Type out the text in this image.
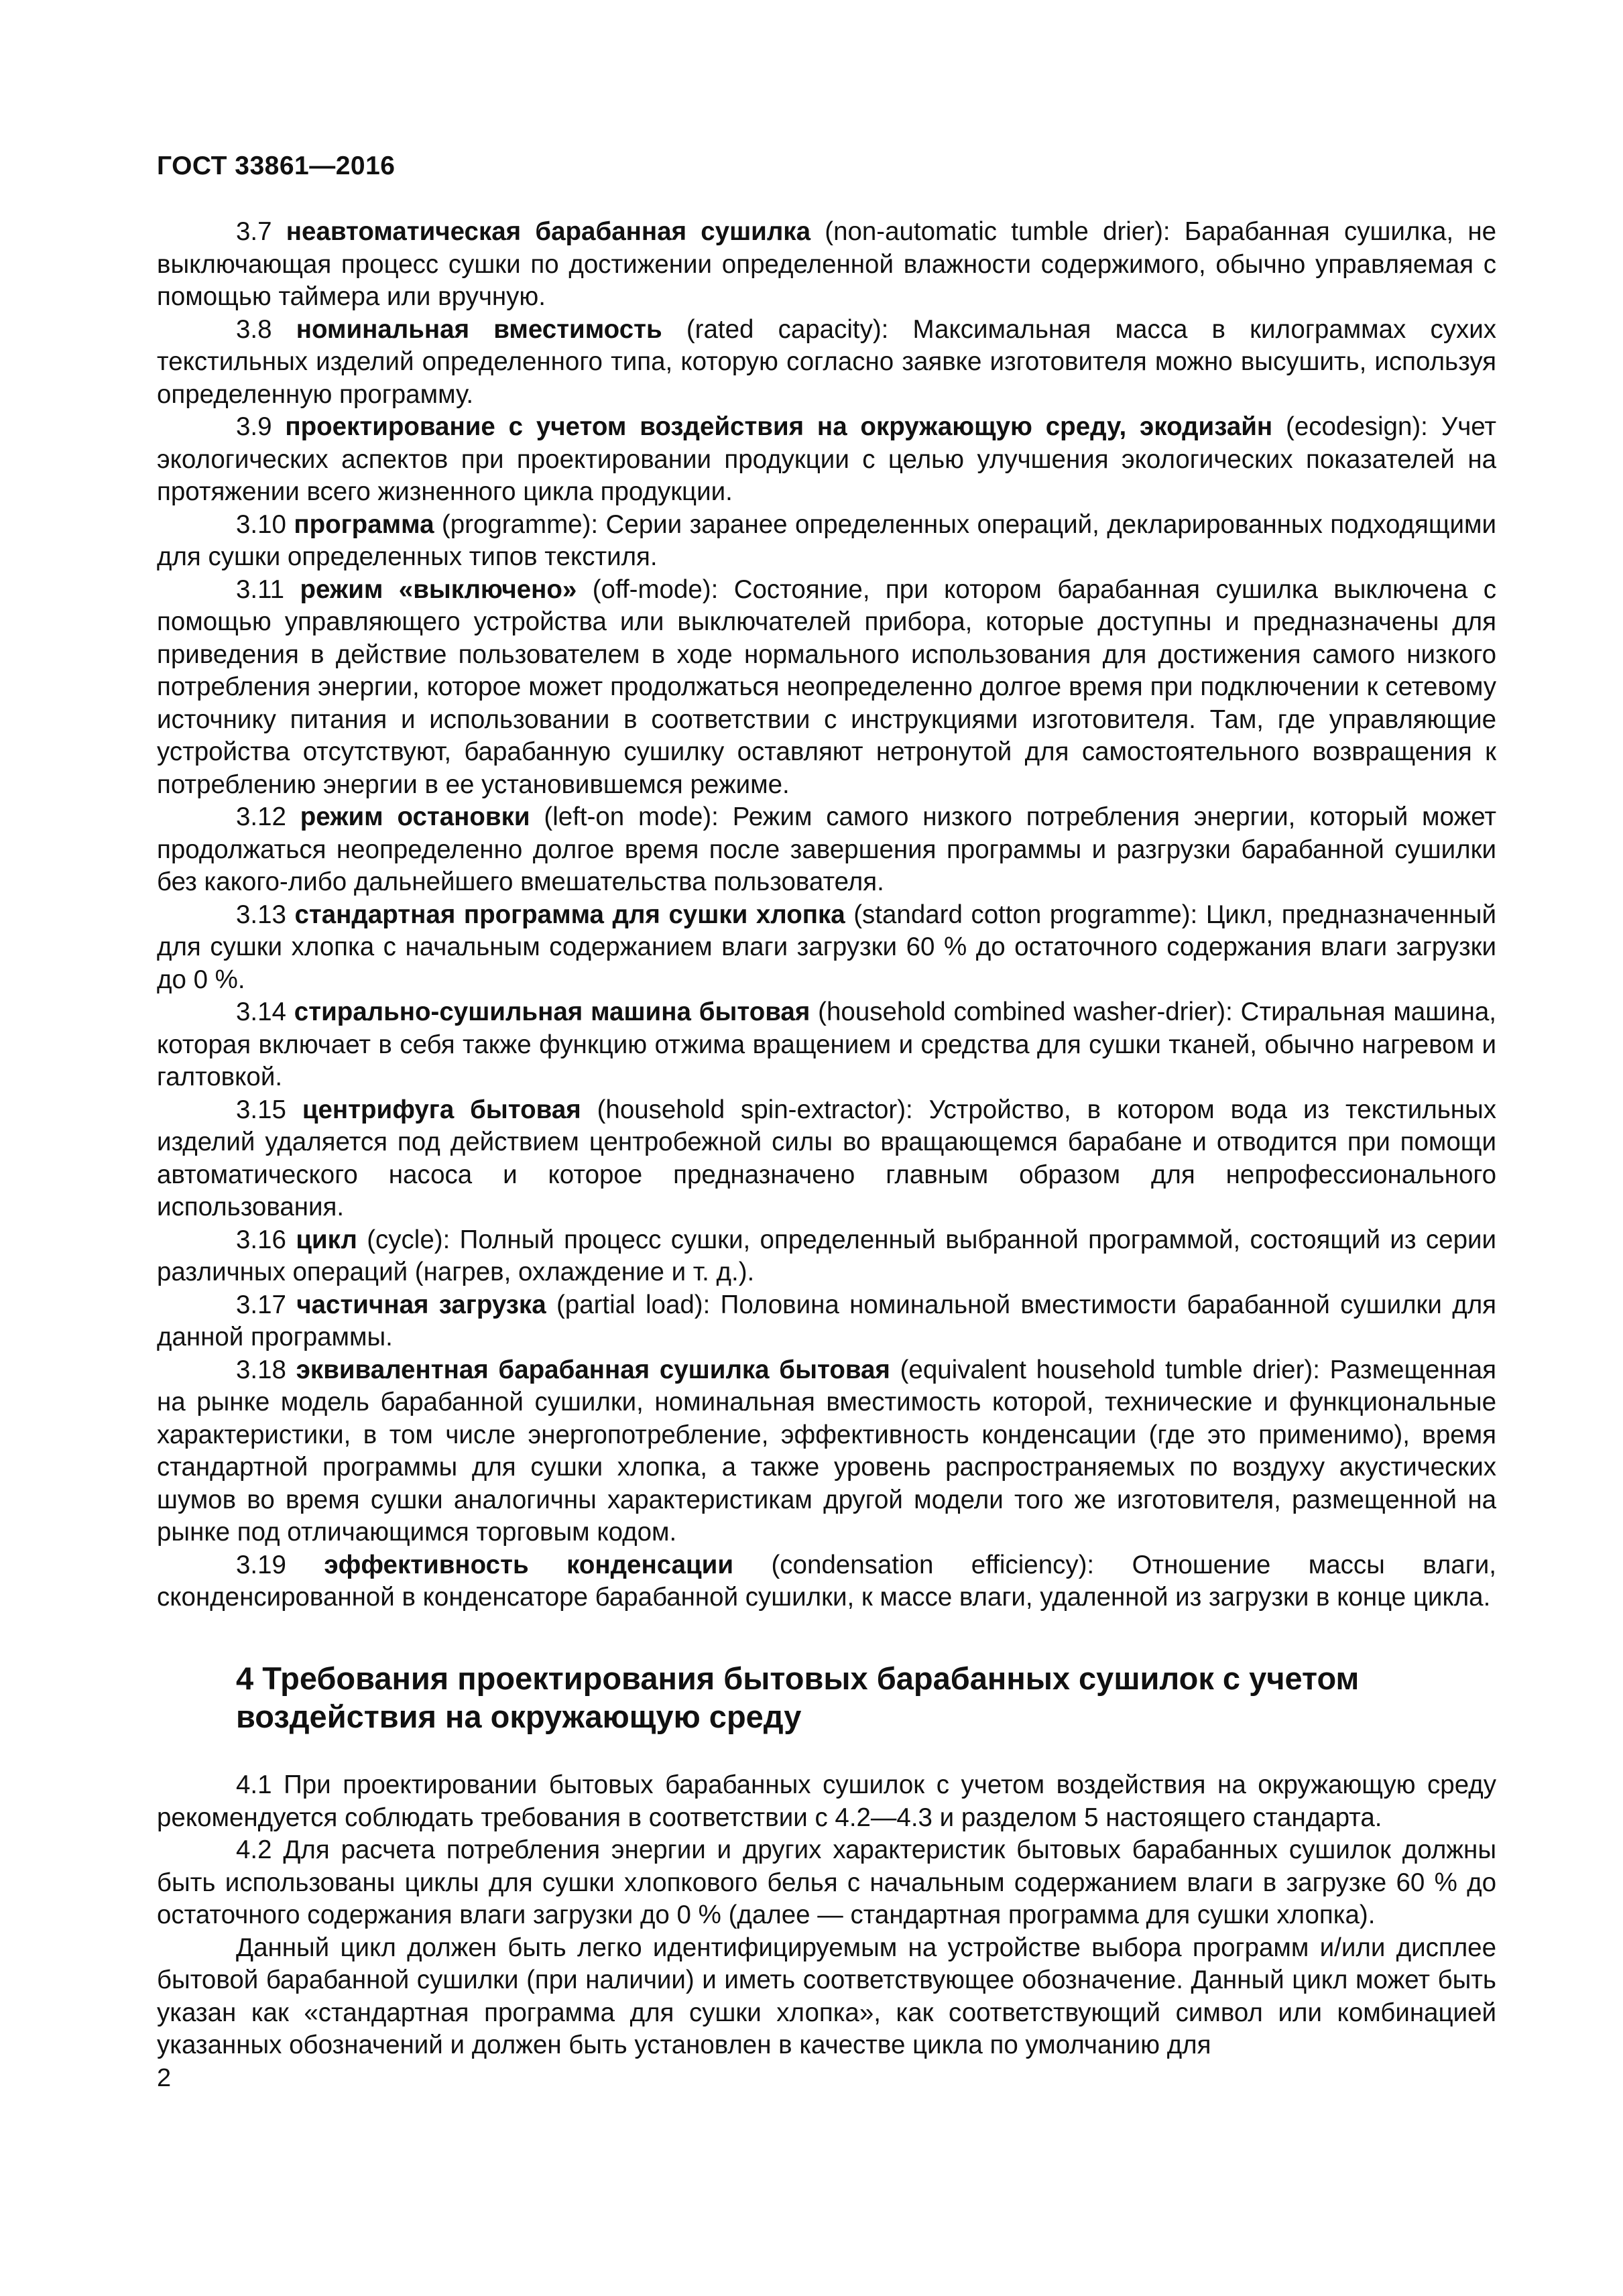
ГОСТ 33861—2016

3.7 неавтоматическая барабанная сушилка (non-automatic tumble drier): Барабанная сушилка, не выключающая процесс сушки по достижении определенной влажности содержимого, обычно управляемая с помощью таймера или вручную.

3.8 номинальная вместимость (rated capacity): Максимальная масса в килограммах сухих текстильных изделий определенного типа, которую согласно заявке изготовителя можно высушить, используя определенную программу.

3.9 проектирование с учетом воздействия на окружающую среду, экодизайн (ecodesign): Учет экологических аспектов при проектировании продукции с целью улучшения экологических показателей на протяжении всего жизненного цикла продукции.

3.10 программа (programme): Серии заранее определенных операций, декларированных подходящими для сушки определенных типов текстиля.

3.11 режим «выключено» (off-mode): Состояние, при котором барабанная сушилка выключена с помощью управляющего устройства или выключателей прибора, которые доступны и предназначены для приведения в действие пользователем в ходе нормального использования для достижения самого низкого потребления энергии, которое может продолжаться неопределенно долгое время при подключении к сетевому источнику питания и использовании в соответствии с инструкциями изготовителя. Там, где управляющие устройства отсутствуют, барабанную сушилку оставляют нетронутой для самостоятельного возвращения к потреблению энергии в ее установившемся режиме.

3.12 режим остановки (left-on mode): Режим самого низкого потребления энергии, который может продолжаться неопределенно долгое время после завершения программы и разгрузки барабанной сушилки без какого-либо дальнейшего вмешательства пользователя.

3.13 стандартная программа для сушки хлопка (standard cotton programme): Цикл, предназначенный для сушки хлопка с начальным содержанием влаги загрузки 60 % до остаточного содержания влаги загрузки до 0 %.

3.14 стирально-сушильная машина бытовая (household combined washer-drier): Стиральная машина, которая включает в себя также функцию отжима вращением и средства для сушки тканей, обычно нагревом и галтовкой.

3.15 центрифуга бытовая (household spin-extractor): Устройство, в котором вода из текстильных изделий удаляется под действием центробежной силы во вращающемся барабане и отводится при помощи автоматического насоса и которое предназначено главным образом для непрофессионального использования.

3.16 цикл (cycle): Полный процесс сушки, определенный выбранной программой, состоящий из серии различных операций (нагрев, охлаждение и т. д.).

3.17 частичная загрузка (partial load): Половина номинальной вместимости барабанной сушилки для данной программы.

3.18 эквивалентная барабанная сушилка бытовая (equivalent household tumble drier): Размещенная на рынке модель барабанной сушилки, номинальная вместимость которой, технические и функциональные характеристики, в том числе энергопотребление, эффективность конденсации (где это применимо), время стандартной программы для сушки хлопка, а также уровень распространяемых по воздуху акустических шумов во время сушки аналогичны характеристикам другой модели того же изготовителя, размещенной на рынке под отличающимся торговым кодом.

3.19 эффективность конденсации (condensation efficiency): Отношение массы влаги, сконденсированной в конденсаторе барабанной сушилки, к массе влаги, удаленной из загрузки в конце цикла.

4 Требования проектирования бытовых барабанных сушилок с учетом воздействия на окружающую среду

4.1 При проектировании бытовых барабанных сушилок с учетом воздействия на окружающую среду рекомендуется соблюдать требования в соответствии с 4.2—4.3 и разделом 5 настоящего стандарта.

4.2 Для расчета потребления энергии и других характеристик бытовых барабанных сушилок должны быть использованы циклы для сушки хлопкового белья с начальным содержанием влаги в загрузке 60 % до остаточного содержания влаги загрузки до 0 % (далее — стандартная программа для сушки хлопка).

Данный цикл должен быть легко идентифицируемым на устройстве выбора программ и/или дисплее бытовой барабанной сушилки (при наличии) и иметь соответствующее обозначение. Данный цикл может быть указан как «стандартная программа для сушки хлопка», как соответствующий символ или комбинацией указанных обозначений и должен быть установлен в качестве цикла по умолчанию для

2
